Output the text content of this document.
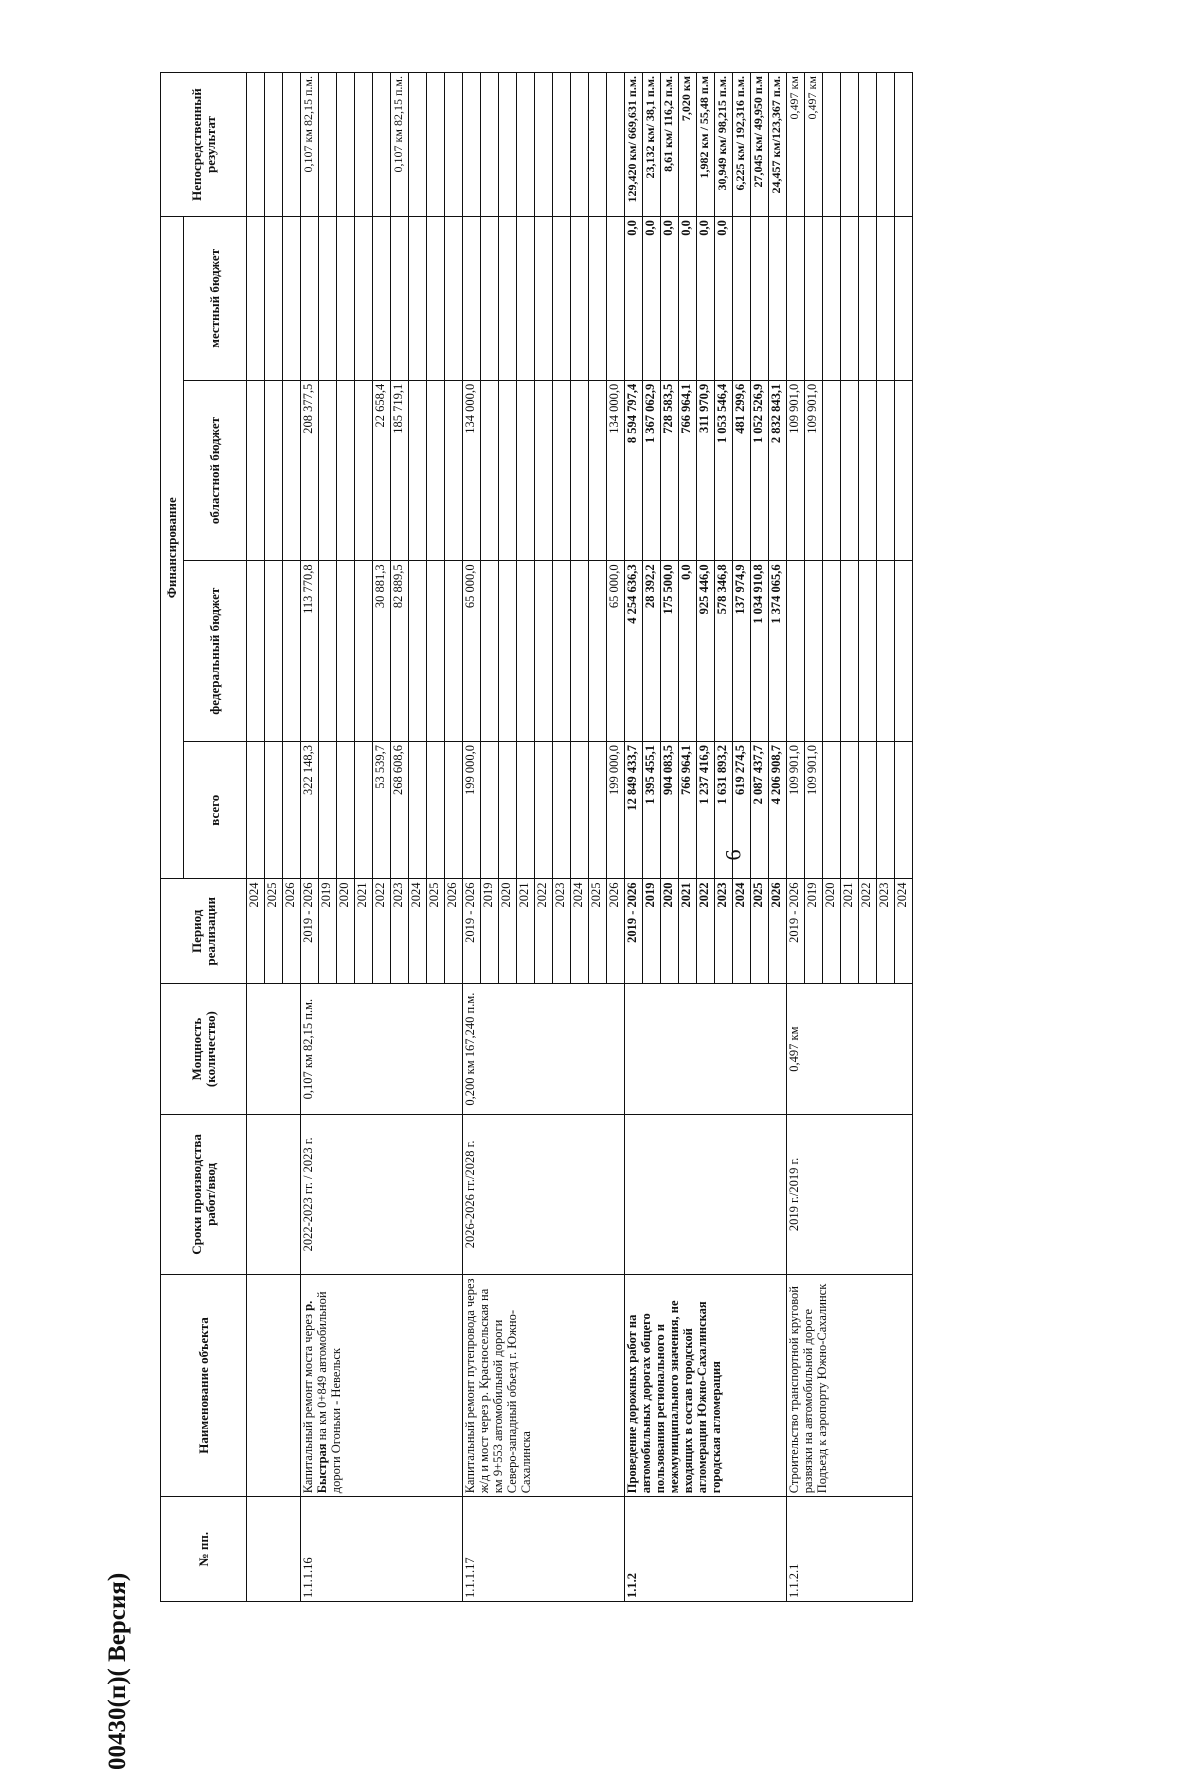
6
00430(п)( Версия)
№ пп.	Наименование объекта	Сроки производства работ/ввод	Мощность (количество)	Период реализации	Финансирование				Непосредственный результат
					всего	федеральный бюджет	областной бюджет	местный бюджет	
				2024					
				2025					
				2026					
1.1.1.16	Капитальный ремонт моста через р. Быстрая на км 0+849 автомобильной дороги Огоньки - Невельск	2022-2023 гг. / 2023 г.	0,107 км 82,15 п.м.	2019 - 2026	322 148,3	113 770,8	208 377,5		0,107 км 82,15 п.м.
				2019					
				2020					
				2021					
				2022	53 539,7	30 881,3	22 658,4		
				2023	268 608,6	82 889,5	185 719,1		0,107 км 82,15 п.м.
				2024					
				2025					
				2026					
1.1.1.17	Капитальный ремонт путепровода через ж/д и мост через р. Красносельская на км 9+553 автомобильной дороги Северо-западный объезд г. Южно-Сахалинска	2026-2026 гг./2028 г.	0,200 км 167,240 п.м.	2019 - 2026	199 000,0	65 000,0	134 000,0		
				2019					
				2020					
				2021					
				2022					
				2023					
				2024					
				2025					
				2026	199 000,0	65 000,0	134 000,0		
1.1.2	Проведение дорожных работ на автомобильных дорогах общего пользования регионального и межмуниципального значения, не входящих в состав городской агломерации Южно-Сахалинская городская агломерация			2019 - 2026	12 849 433,7	4 254 636,3	8 594 797,4	0,0	129,420 км/ 669,631 п.м.
				2019	1 395 455,1	28 392,2	1 367 062,9	0,0	23,132 км/ 38,1 п.м.
				2020	904 083,5	175 500,0	728 583,5	0,0	8,61 км/ 116,2 п.м.
				2021	766 964,1	0,0	766 964,1	0,0	7,020 км
				2022	1 237 416,9	925 446,0	311 970,9	0,0	1,982 км / 55,48 п.м
				2023	1 631 893,2	578 346,8	1 053 546,4	0,0	30,949 км/ 98,215 п.м.
				2024	619 274,5	137 974,9	481 299,6		6,225 км/ 192,316 п.м.
				2025	2 087 437,7	1 034 910,8	1 052 526,9		27,045 км/ 49,950 п.м
				2026	4 206 908,7	1 374 065,6	2 832 843,1		24,457 км/123,367 п.м.
1.1.2.1	Строительство транспортной круговой развязки на автомобильной дороге Подъезд к аэропорту Южно-Сахалинск	2019 г./2019 г.	0,497 км	2019 - 2026	109 901,0		109 901,0		0,497 км
				2019	109 901,0		109 901,0		0,497 км
				2020					
				2021					
				2022					
				2023					
				2024					
